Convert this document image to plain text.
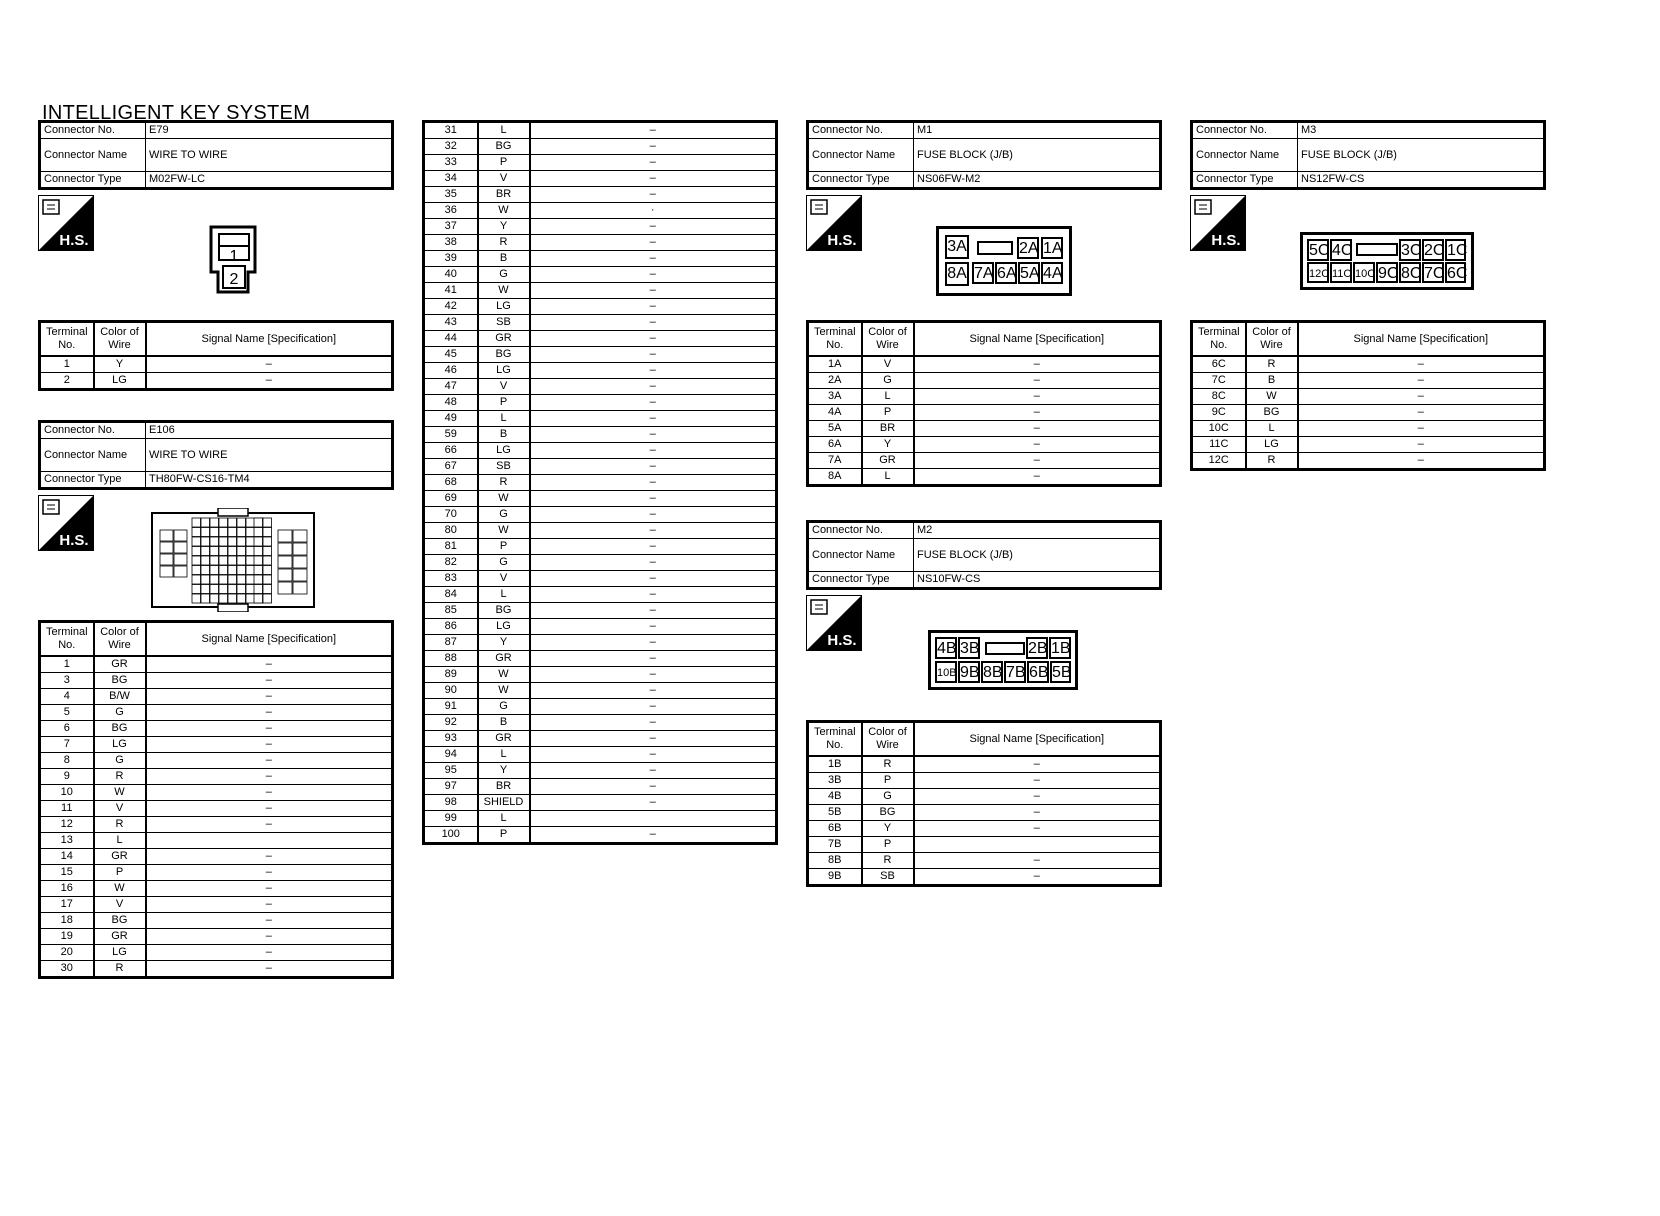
INTELLIGENT KEY SYSTEM
Connector No.	E79
Connector Name	WIRE TO WIRE
Connector Type	M02FW-LC
H.S.
1
2
Terminal No.	Color of Wire	Signal Name [Specification]
1	Y	–
2	LG	–
Connector No.	E106
Connector Name	WIRE TO WIRE
Connector Type	TH80FW-CS16-TM4
H.S.
Terminal No.	Color of Wire	Signal Name [Specification]
1	GR	–
3	BG	–
4	B/W	–
5	G	–
6	BG	–
7	LG	–
8	G	–
9	R	–
10	W	–
11	V	–
12	R	–
13	L	
14	GR	–
15	P	–
16	W	–
17	V	–
18	BG	–
19	GR	–
20	LG	–
30	R	–
31	L	–
32	BG	–
33	P	–
34	V	–
35	BR	–
36	W	·
37	Y	–
38	R	–
39	B	–
40	G	–
41	W	–
42	LG	–
43	SB	–
44	GR	–
45	BG	–
46	LG	–
47	V	–
48	P	–
49	L	–
59	B	–
66	LG	–
67	SB	–
68	R	–
69	W	–
70	G	–
80	W	–
81	P	–
82	G	–
83	V	–
84	L	–
85	BG	–
86	LG	–
87	Y	–
88	GR	–
89	W	–
90	W	–
91	G	–
92	B	–
93	GR	–
94	L	–
95	Y	–
97	BR	–
98	SHIELD	–
99	L	
100	P	–
Connector No.	M1
Connector Name	FUSE BLOCK (J/B)
Connector Type	NS06FW-M2
H.S.	3A	2A 1A
8A 7A 6A 5A 4A
Terminal No.	Color of Wire	Signal Name [Specification]
1A	V	–
2A	G	–
3A	L	–
4A	P	–
5A	BR	–
6A	Y	–
7A	GR	–
8A	L	–
Connector No.	M2
Connector Name	FUSE BLOCK (J/B)
Connector Type	NS10FW-CS
H.S.	4B 3B	2B 1B
10B 9B 8B 7B 6B 5B
Terminal No.	Color of Wire	Signal Name [Specification]
1B	R	–
3B	P	–
4B	G	–
5B	BG	–
6B	Y	–
7B	P	
8B	R	–
9B	SB	–
Connector No.	M3
Connector Name	FUSE BLOCK (J/B)
Connector Type	NS12FW-CS
H.S.
5C 4C	3C 2C 1C
12C 11C 10C 9C 8C 7C 6C
Terminal No.	Color of Wire	Signal Name [Specification]
6C	R	–
7C	B	–
8C	W	–
9C	BG	–
10C	L	–
11C	LG	–
12C	R	–
